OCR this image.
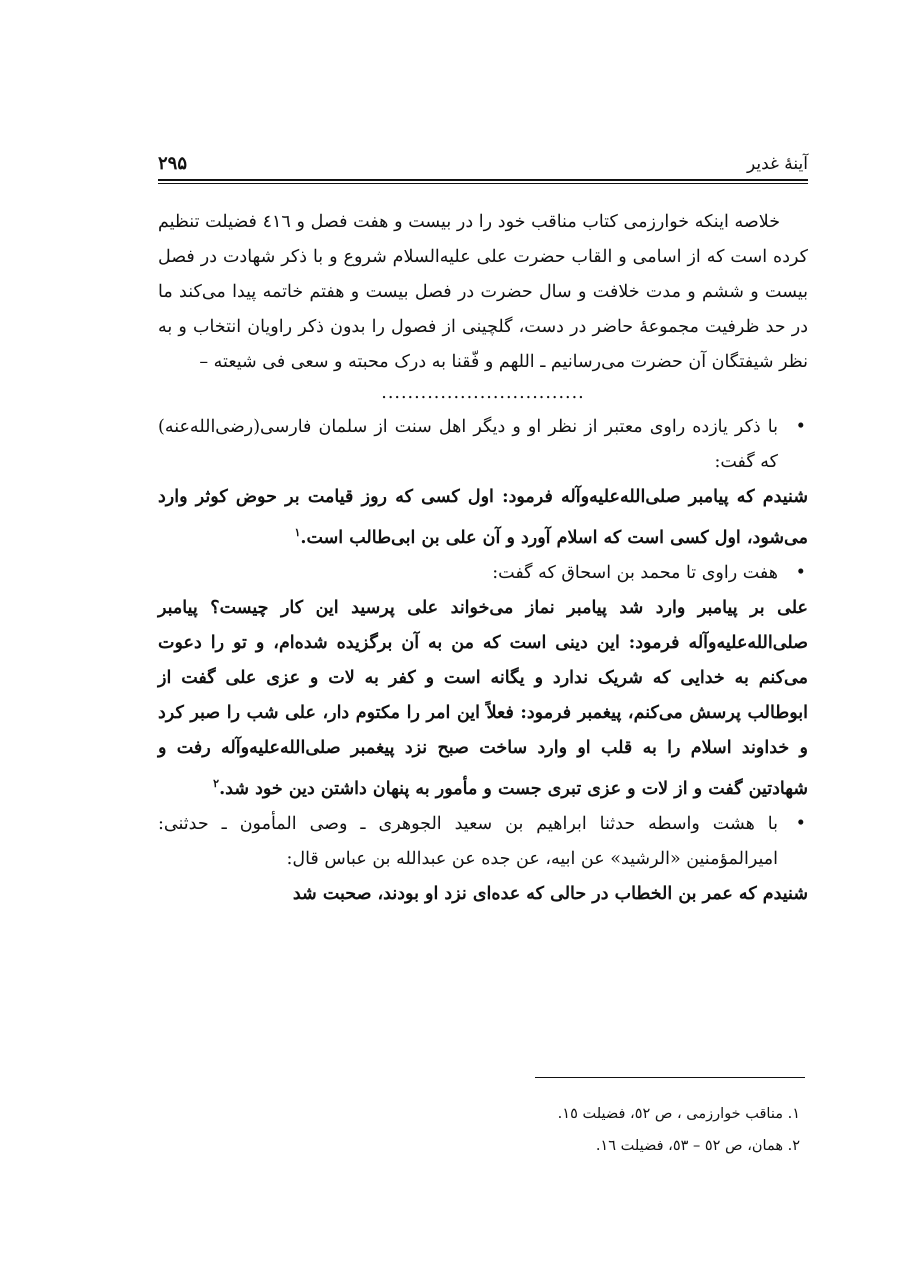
آینهٔ غدیر
۲۹۵

خلاصه اینکه خوارزمی کتاب مناقب خود را در بیست و هفت فصل و ٤١٦ فضیلت تنظیم کرده است که از اسامی و القاب حضرت علی علیه‌السلام شروع و با ذکر شهادت در فصل بیست و ششم و مدت خلافت و سال حضرت در فصل بیست و هفتم خاتمه پیدا می‌کند ما در حد ظرفیت مجموعهٔ حاضر در دست، گلچینی از فصول را بدون ذکر راویان انتخاب و به نظر شیفتگان آن حضرت می‌رسانیم ـ اللهم و فّقنا به درک محبته و سعی فی شیعته –

...............................

•
با ذکر یازده راوی معتبر از نظر او و دیگر اهل سنت از سلمان فارسی(رضی‌الله‌عنه) که گفت:

شنیدم که پیامبر صلی‌الله‌علیه‌وآله فرمود: اول کسی که روز قیامت بر حوض کوثر وارد می‌شود، اول کسی است که اسلام آورد و آن علی بن ابی‌طالب است.$^١$

•
هفت راوی تا محمد بن اسحاق که گفت:

علی بر پیامبر وارد شد پیامبر نماز می‌خواند علی پرسید این کار چیست؟ پیامبر صلی‌الله‌علیه‌وآله فرمود: این دینی است که من به آن برگزیده شده‌ام، و تو را دعوت می‌کنم به خدایی که شریک ندارد و یگانه است و کفر به لات و عزی علی گفت از ابوطالب پرسش می‌کنم، پیغمبر فرمود: فعلاً این امر را مکتوم دار، علی شب را صبر کرد و خداوند اسلام را به قلب او وارد ساخت صبح نزد پیغمبر صلی‌الله‌علیه‌وآله رفت و شهادتین گفت و از لات و عزی تبری جست و مأمور به پنهان داشتن دین خود شد.$^٢$

•
با هشت واسطه حدثنا ابراهیم بن سعید الجوهری ـ وصی المأمون ـ حدثنی: امیرالمؤمنین «الرشید» عن ابیه، عن جده عن عبدالله بن عباس قال:

شنیدم که عمر بن الخطاب در حالی که عده‌ای نزد او بودند، صحبت شد

١. مناقب خوارزمی ، ص ٥٢، فضیلت ١٥.

٢. همان، ص ٥٢ – ٥٣، فضیلت ١٦.
